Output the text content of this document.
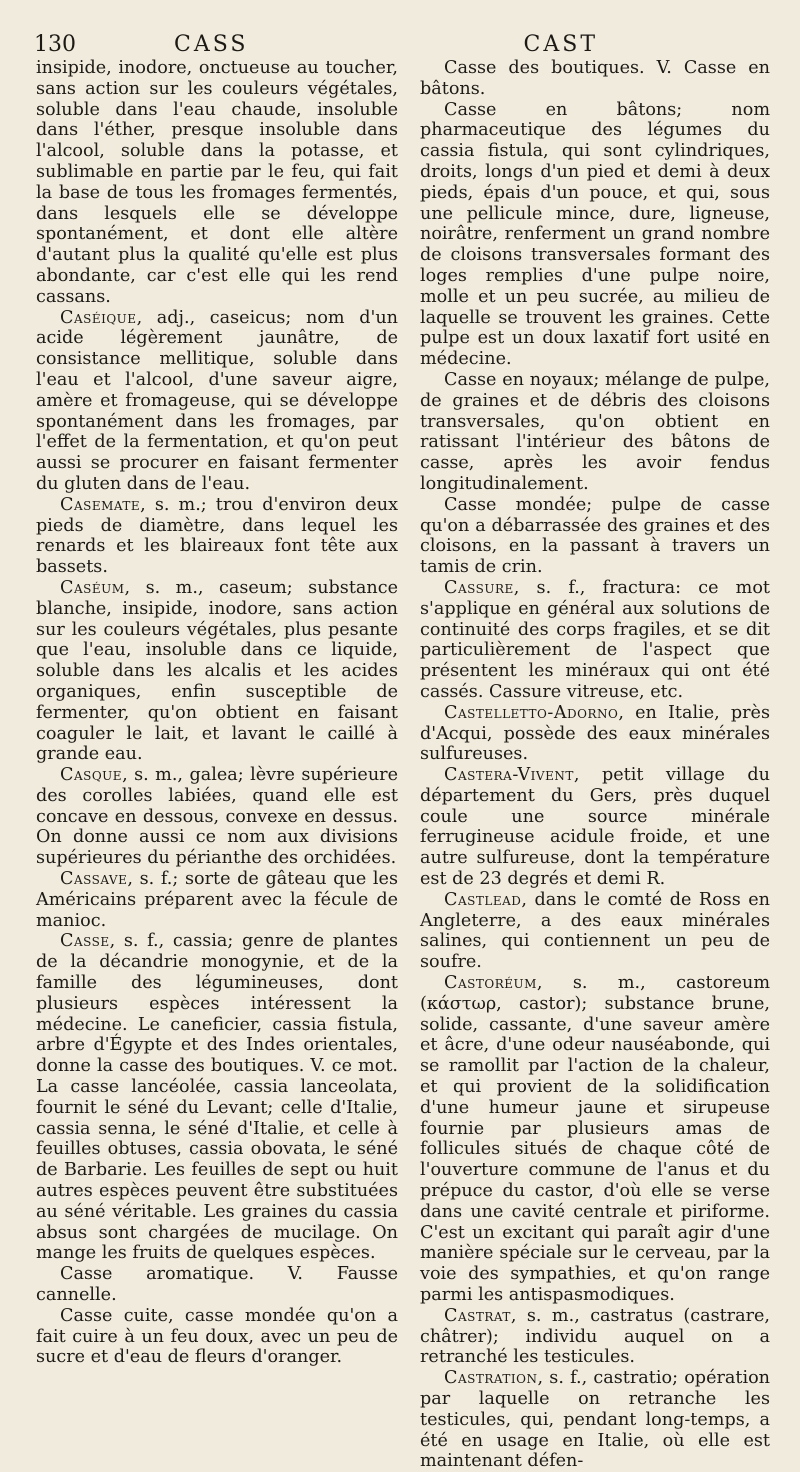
130	CASS	CAST

insipide, inodore, onctueuse au toucher, sans action sur les couleurs végétales, soluble dans l'eau chaude, insoluble dans l'éther, presque insoluble dans l'alcool, soluble dans la potasse, et sublimable en partie par le feu, qui fait la base de tous les fromages fermentés, dans lesquels elle se développe spontanément, et dont elle altère d'autant plus la qualité qu'elle est plus abondante, car c'est elle qui les rend cassans.

Caséique, adj., caseicus; nom d'un acide légèrement jaunâtre, de consistance mellitique, soluble dans l'eau et l'alcool, d'une saveur aigre, amère et fromageuse, qui se développe spontanément dans les fromages, par l'effet de la fermentation, et qu'on peut aussi se procurer en faisant fermenter du gluten dans de l'eau.

Casemate, s. m.; trou d'environ deux pieds de diamètre, dans lequel les renards et les blaireaux font tête aux bassets.

Caséum, s. m., caseum; substance blanche, insipide, inodore, sans action sur les couleurs végétales, plus pesante que l'eau, insoluble dans ce liquide, soluble dans les alcalis et les acides organiques, enfin susceptible de fermenter, qu'on obtient en faisant coaguler le lait, et lavant le caillé à grande eau.

Casque, s. m., galea; lèvre supérieure des corolles labiées, quand elle est concave en dessous, convexe en dessus. On donne aussi ce nom aux divisions supérieures du périanthe des orchidées.

Cassave, s. f.; sorte de gâteau que les Américains préparent avec la fécule de manioc.

Casse, s. f., cassia; genre de plantes de la décandrie monogynie, et de la famille des légumineuses, dont plusieurs espèces intéressent la médecine. Le caneficier, cassia fistula, arbre d'Égypte et des Indes orientales, donne la casse des boutiques. V. ce mot. La casse lancéolée, cassia lanceolata, fournit le séné du Levant; celle d'Italie, cassia senna, le séné d'Italie, et celle à feuilles obtuses, cassia obovata, le séné de Barbarie. Les feuilles de sept ou huit autres espèces peuvent être substituées au séné véritable. Les graines du cassia absus sont chargées de mucilage. On mange les fruits de quelques espèces.

Casse aromatique. V. Fausse cannelle.

Casse cuite, casse mondée qu'on a fait cuire à un feu doux, avec un peu de sucre et d'eau de fleurs d'oranger.

Casse des boutiques. V. Casse en bâtons.

Casse en bâtons; nom pharmaceutique des légumes du cassia fistula, qui sont cylindriques, droits, longs d'un pied et demi à deux pieds, épais d'un pouce, et qui, sous une pellicule mince, dure, ligneuse, noirâtre, renferment un grand nombre de cloisons transversales formant des loges remplies d'une pulpe noire, molle et un peu sucrée, au milieu de laquelle se trouvent les graines. Cette pulpe est un doux laxatif fort usité en médecine.

Casse en noyaux; mélange de pulpe, de graines et de débris des cloisons transversales, qu'on obtient en ratissant l'intérieur des bâtons de casse, après les avoir fendus longitudinalement.

Casse mondée; pulpe de casse qu'on a débarrassée des graines et des cloisons, en la passant à travers un tamis de crin.

Cassure, s. f., fractura: ce mot s'applique en général aux solutions de continuité des corps fragiles, et se dit particulièrement de l'aspect que présentent les minéraux qui ont été cassés. Cassure vitreuse, etc.

Castelletto-Adorno, en Italie, près d'Acqui, possède des eaux minérales sulfureuses.

Castera-Vivent, petit village du département du Gers, près duquel coule une source minérale ferrugineuse acidule froide, et une autre sulfureuse, dont la température est de 23 degrés et demi R.

Castlead, dans le comté de Ross en Angleterre, a des eaux minérales salines, qui contiennent un peu de soufre.

Castoréum, s. m., castoreum (κάστωρ, castor); substance brune, solide, cassante, d'une saveur amère et âcre, d'une odeur nauséabonde, qui se ramollit par l'action de la chaleur, et qui provient de la solidification d'une humeur jaune et sirupeuse fournie par plusieurs amas de follicules situés de chaque côté de l'ouverture commune de l'anus et du prépuce du castor, d'où elle se verse dans une cavité centrale et piriforme. C'est un excitant qui paraît agir d'une manière spéciale sur le cerveau, par la voie des sympathies, et qu'on range parmi les antispasmodiques.

Castrat, s. m., castratus (castrare, châtrer); individu auquel on a retranché les testicules.

Castration, s. f., castratio; opération par laquelle on retranche les testicules, qui, pendant long-temps, a été en usage en Italie, où elle est maintenant défen-
